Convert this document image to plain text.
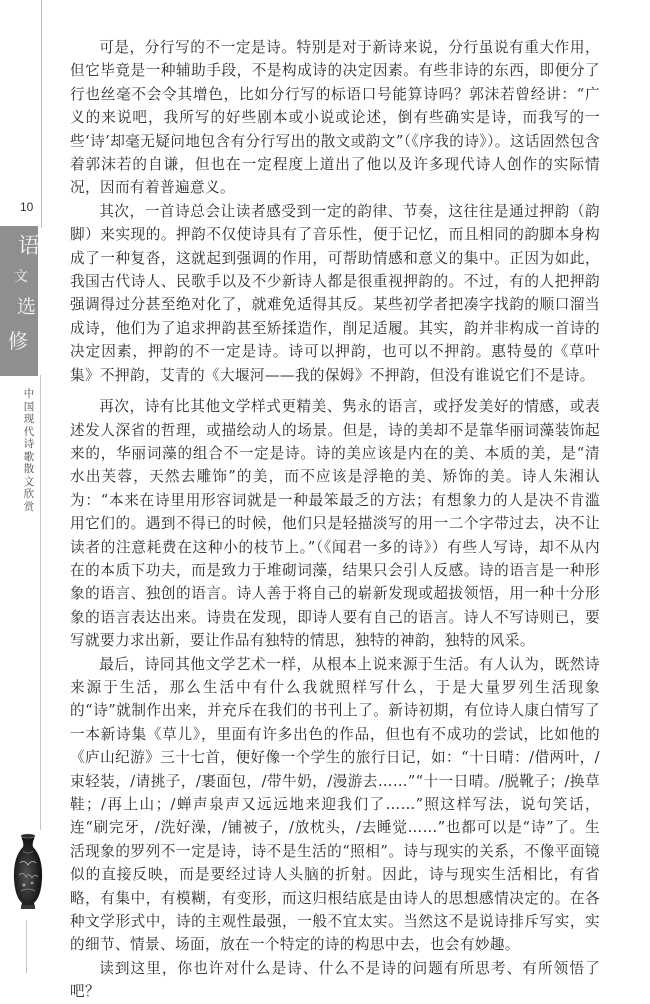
10
语
文
选
修
中国现代诗歌散文欣赏

可是，分行写的不一定是诗。特别是对于新诗来说，分行虽说有重大作用，但它毕竟是一种辅助手段，不是构成诗的决定因素。有些非诗的东西，即便分了行也丝毫不会令其增色，比如分行写的标语口号能算诗吗？郭沫若曾经讲：“广义的来说吧，我所写的好些剧本或小说或论述，倒有些确实是诗，而我写的一些‘诗’却毫无疑问地包含有分行写出的散文或韵文”（《序我的诗》）。这话固然包含着郭沫若的自谦，但也在一定程度上道出了他以及许多现代诗人创作的实际情况，因而有着普遍意义。

其次，一首诗总会让读者感受到一定的韵律、节奏，这往往是通过押韵（韵脚）来实现的。押韵不仅使诗具有了音乐性，便于记忆，而且相同的韵脚本身构成了一种复沓，这就起到强调的作用，可帮助情感和意义的集中。正因为如此，我国古代诗人、民歌手以及不少新诗人都是很重视押韵的。不过，有的人把押韵强调得过分甚至绝对化了，就难免适得其反。某些初学者把凑字找韵的顺口溜当成诗，他们为了追求押韵甚至矫揉造作，削足适履。其实，韵并非构成一首诗的决定因素，押韵的不一定是诗。诗可以押韵，也可以不押韵。惠特曼的《草叶集》不押韵，艾青的《大堰河——我的保姆》不押韵，但没有谁说它们不是诗。

再次，诗有比其他文学样式更精美、隽永的语言，或抒发美好的情感，或表述发人深省的哲理，或描绘动人的场景。但是，诗的美却不是靠华丽词藻装饰起来的，华丽词藻的组合不一定是诗。诗的美应该是内在的美、本质的美，是“清水出芙蓉，天然去雕饰”的美，而不应该是浮艳的美、矫饰的美。诗人朱湘认为：“本来在诗里用形容词就是一种最笨最乏的方法；有想象力的人是决不肯滥用它们的。遇到不得已的时候，他们只是轻描淡写的用一二个字带过去，决不让读者的注意耗费在这种小的枝节上。”（《闻君一多的诗》）有些人写诗，却不从内在的本质下功夫，而是致力于堆砌词藻，结果只会引人反感。诗的语言是一种形象的语言、独创的语言。诗人善于将自己的崭新发现或超拔领悟，用一种十分形象的语言表达出来。诗贵在发现，即诗人要有自己的语言。诗人不写诗则已，要写就要力求出新，要让作品有独特的情思，独特的神韵，独特的风采。

最后，诗同其他文学艺术一样，从根本上说来源于生活。有人认为，既然诗来源于生活，那么生活中有什么我就照样写什么，于是大量罗列生活现象的“诗”就制作出来，并充斥在我们的书刊上了。新诗初期，有位诗人康白情写了一本新诗集《草儿》，里面有许多出色的作品，但也有不成功的尝试，比如他的《庐山纪游》三十七首，便好像一个学生的旅行日记，如：“十日晴：/借两叶，/束轻装，/请挑子，/裹面包，/带牛奶，/漫游去……”“十一日晴。/脱靴子；/换草鞋；/再上山；/蝉声泉声又远远地来迎我们了……”照这样写法，说句笑话，连“刷完牙，/洗好澡，/铺被子，/放枕头，/去睡觉……”也都可以是“诗”了。生活现象的罗列不一定是诗，诗不是生活的“照相”。诗与现实的关系，不像平面镜似的直接反映，而是要经过诗人头脑的折射。因此，诗与现实生活相比，有省略，有集中，有模糊，有变形，而这归根结底是由诗人的思想感情决定的。在各种文学形式中，诗的主观性最强，一般不宜太实。当然这不是说诗排斥写实，实的细节、情景、场面，放在一个特定的诗的构思中去，也会有妙趣。

读到这里，你也许对什么是诗、什么不是诗的问题有所思考、有所领悟了吧？
